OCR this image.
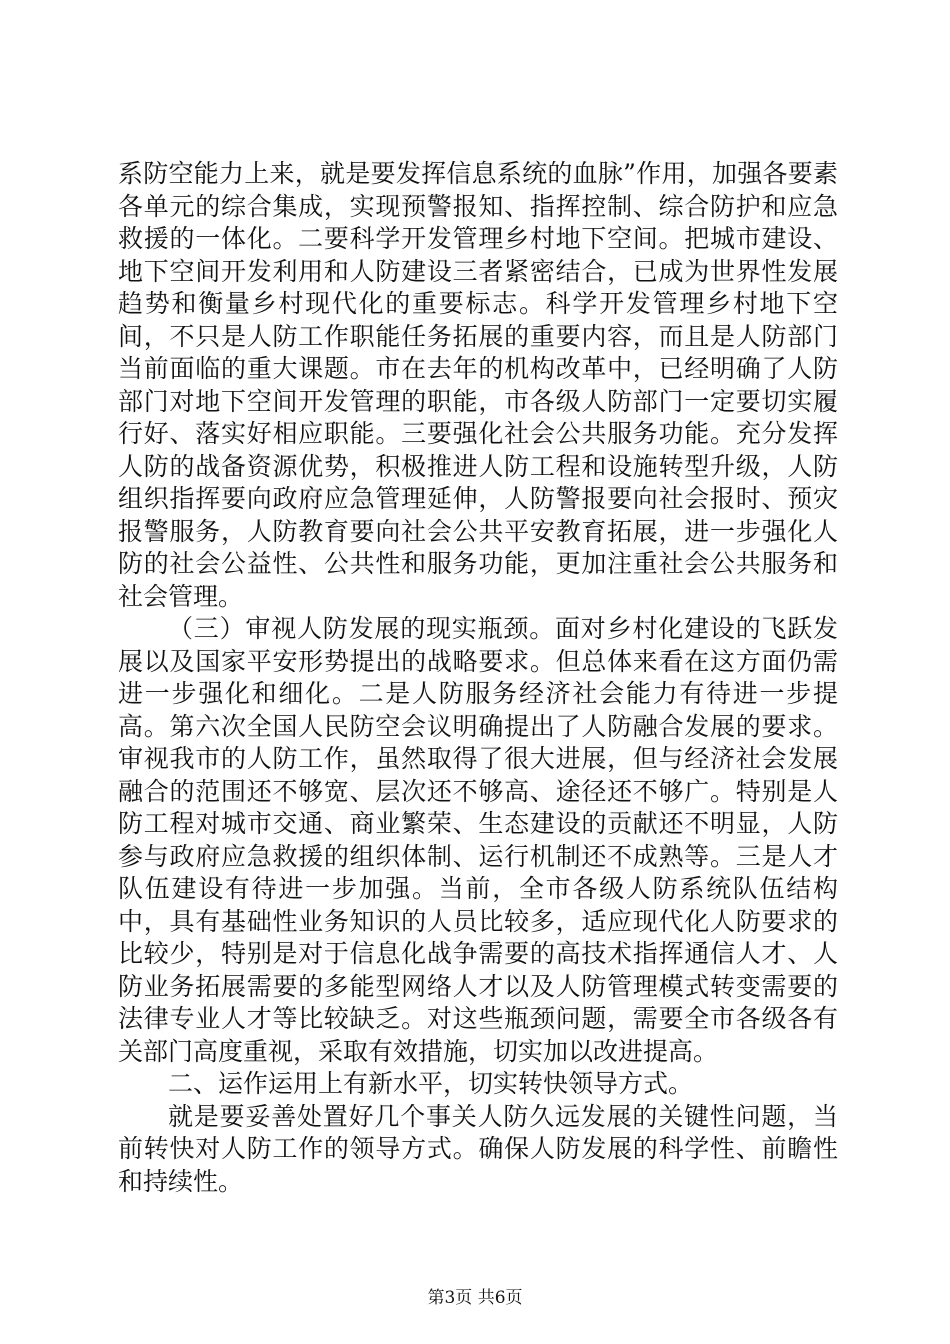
系防空能力上来，就是要发挥信息系统的血脉”作用，加强各要素各单元的综合集成，实现预警报知、指挥控制、综合防护和应急救援的一体化。二要科学开发管理乡村地下空间。把城市建设、地下空间开发利用和人防建设三者紧密结合，已成为世界性发展趋势和衡量乡村现代化的重要标志。科学开发管理乡村地下空间，不只是人防工作职能任务拓展的重要内容，而且是人防部门当前面临的重大课题。市在去年的机构改革中，已经明确了人防部门对地下空间开发管理的职能，市各级人防部门一定要切实履行好、落实好相应职能。三要强化社会公共服务功能。充分发挥人防的战备资源优势，积极推进人防工程和设施转型升级，人防组织指挥要向政府应急管理延伸，人防警报要向社会报时、预灾报警服务，人防教育要向社会公共平安教育拓展，进一步强化人防的社会公益性、公共性和服务功能，更加注重社会公共服务和社会管理。

（三）审视人防发展的现实瓶颈。面对乡村化建设的飞跃发展以及国家平安形势提出的战略要求。但总体来看在这方面仍需进一步强化和细化。二是人防服务经济社会能力有待进一步提高。第六次全国人民防空会议明确提出了人防融合发展的要求。审视我市的人防工作，虽然取得了很大进展，但与经济社会发展融合的范围还不够宽、层次还不够高、途径还不够广。特别是人防工程对城市交通、商业繁荣、生态建设的贡献还不明显，人防参与政府应急救援的组织体制、运行机制还不成熟等。三是人才队伍建设有待进一步加强。当前，全市各级人防系统队伍结构中，具有基础性业务知识的人员比较多，适应现代化人防要求的比较少，特别是对于信息化战争需要的高技术指挥通信人才、人防业务拓展需要的多能型网络人才以及人防管理模式转变需要的法律专业人才等比较缺乏。对这些瓶颈问题，需要全市各级各有关部门高度重视，采取有效措施，切实加以改进提高。

二、运作运用上有新水平，切实转快领导方式。

就是要妥善处置好几个事关人防久远发展的关键性问题，当前转快对人防工作的领导方式。确保人防发展的科学性、前瞻性和持续性。

第3页 共6页
